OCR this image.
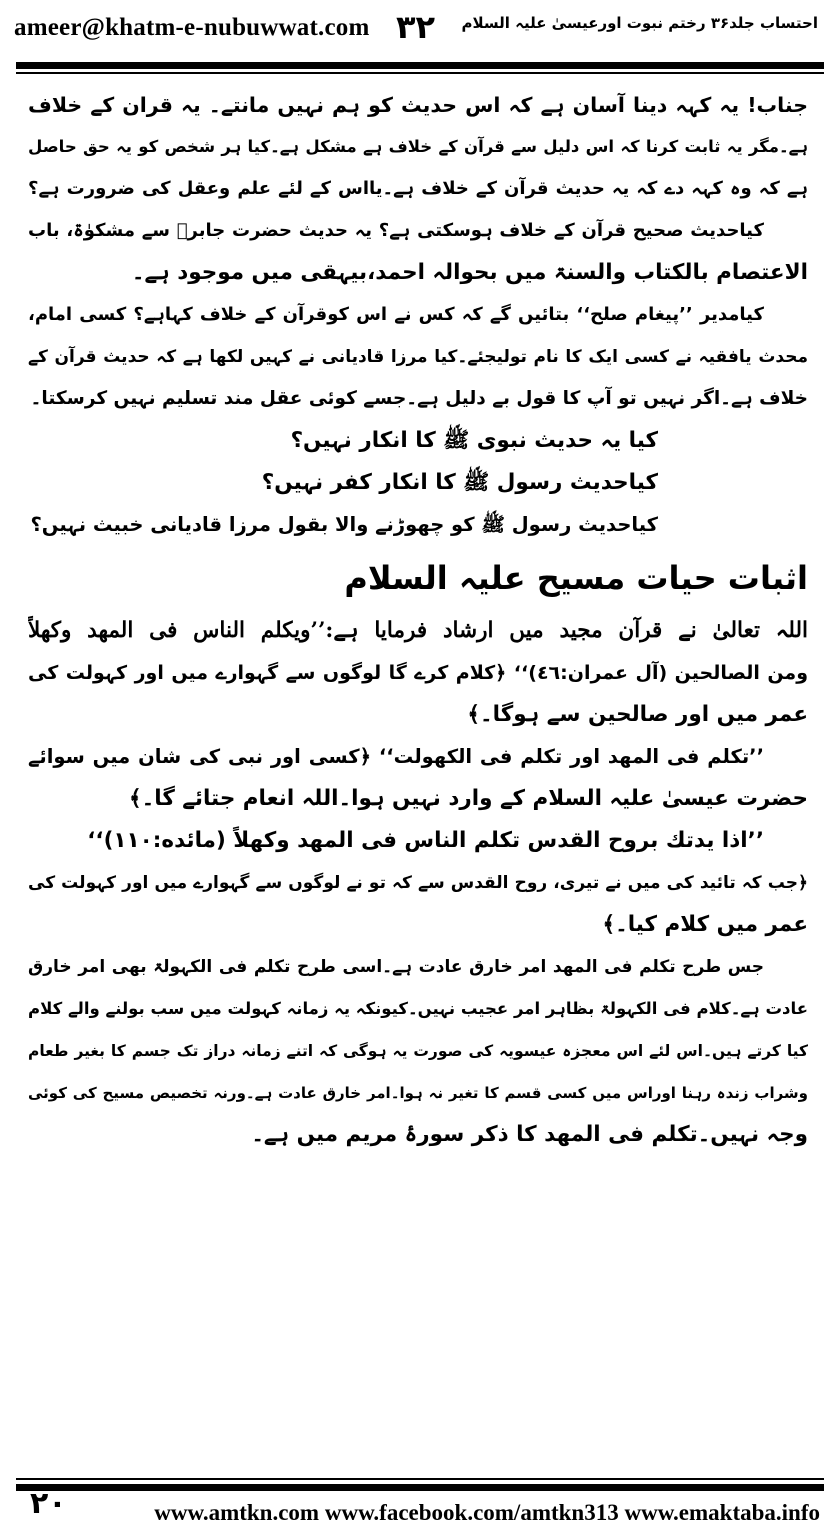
ameer@khatm-e-nubuwwat.com ۳۲ احتساب جلد۳۶ رختم نبوت اورعیسیٰ علیہ السلام
جناب! یہ کہہ دینا آسان ہے کہ اس حدیث کو ہم نہیں مانتے۔ یہ قران کے خلاف
ہے۔مگر یہ ثابت کرنا کہ اس دلیل سے قرآن کے خلاف ہے مشکل ہے۔کیا ہر شخص کو یہ حق حاصل
ہے کہ وہ کہہ دے کہ یہ حدیث قرآن کے خلاف ہے۔یااس کے لئے علم وعقل کی ضرورت ہے؟
کیاحدیث صحیح قرآن کے خلاف ہوسکتی ہے؟ یہ حدیث حضرت جابرؓ سے مشکوٰۃ، باب
الاعتصام بالکتاب والسنۃ میں بحوالہ احمد،بیہقی میں موجود ہے۔
کیامدیر ’’پیغام صلح‘‘ بتائیں گے کہ کس نے اس کوقرآن کے خلاف کہاہے؟ کسی امام،
محدث یافقیہ نے کسی ایک کا نام تولیجئے۔کیا مرزا قادیانی نے کہیں لکھا ہے کہ حدیث قرآن کے
خلاف ہے۔اگر نہیں تو آپ کا قول بے دلیل ہے۔جسے کوئی عقل مند تسلیم نہیں کرسکتا۔
کیا یہ حدیث نبوی ﷺ کا انکار نہیں؟
کیاحدیث رسول ﷺ کا انکار کفر نہیں؟
کیاحدیث رسول ﷺ کو چھوڑنے والا بقول مرزا قادیانی خبیث نہیں؟
اثبات حیات مسیح علیہ السلام
اللہ تعالیٰ نے قرآن مجید میں ارشاد فرمایا ہے:’’ویکلم الناس فی المهد وکهلاً
ومن الصالحین (آل عمران:٤٦)‘‘ ﴿کلام کرے گا لوگوں سے گہوارے میں اور کہولت کی
عمر میں اور صالحین سے ہوگا۔﴾
’’تکلم فی المهد اور تکلم فی الکهولت‘‘ ﴿کسی اور نبی کی شان میں سوائے
حضرت عیسیٰ علیہ السلام کے وارد نہیں ہوا۔اللہ انعام جتائے گا۔﴾
’’اذا یدتك بروح القدس تکلم الناس فی المهد وکهلاً (مائده:١١٠)‘‘
﴿جب کہ تائید کی میں نے تیری، روح القدس سے کہ تو نے لوگوں سے گہوارے میں اور کہولت کی
عمر میں کلام کیا۔﴾
جس طرح تکلم فی المهد امر خارق عادت ہے۔اسی طرح تکلم فی الکہولۃ بھی امر خارق
عادت ہے۔کلام فی الکہولۃ بظاہر امر عجیب نہیں۔کیونکہ یہ زمانہ کہولت میں سب بولنے والے کلام
کیا کرتے ہیں۔اس لئے اس معجزہ عیسویہ کی صورت یہ ہوگی کہ اتنے زمانہ دراز تک جسم کا بغیر طعام
وشراب زندہ رہنا اوراس میں کسی قسم کا تغیر نہ ہوا۔امر خارق عادت ہے۔ورنہ تخصیص مسیح کی کوئی
وجہ نہیں۔تکلم فی المهد کا ذکر سورۂ مریم میں ہے۔
۲۰	www.amtkn.com www.facebook.com/amtkn313 www.emaktaba.info
